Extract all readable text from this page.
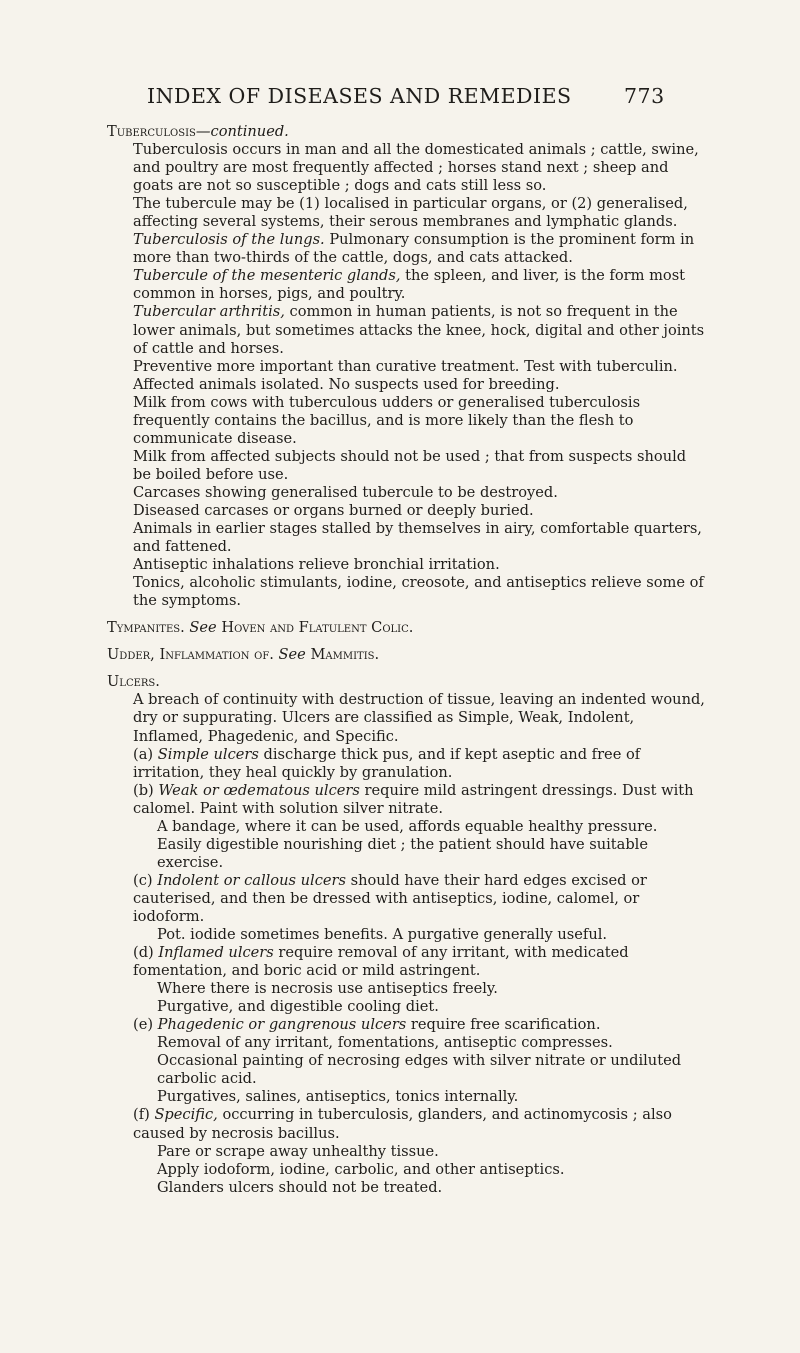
INDEX OF DISEASES AND REMEDIES	773

Tuberculosis—continued.

Tuberculosis occurs in man and all the domesticated animals ; cattle, swine, and poultry are most frequently affected ; horses stand next ; sheep and goats are not so susceptible ; dogs and cats still less so.

The tubercule may be (1) localised in particular organs, or (2) generalised, affecting several systems, their serous membranes and lymphatic glands.

Tuberculosis of the lungs. Pulmonary consumption is the prominent form in more than two-thirds of the cattle, dogs, and cats attacked.

Tubercule of the mesenteric glands, the spleen, and liver, is the form most common in horses, pigs, and poultry.

Tubercular arthritis, common in human patients, is not so frequent in the lower animals, but sometimes attacks the knee, hock, digital and other joints of cattle and horses.

Preventive more important than curative treatment. Test with tuberculin.

Affected animals isolated. No suspects used for breeding.

Milk from cows with tuberculous udders or generalised tuberculosis frequently contains the bacillus, and is more likely than the flesh to communicate disease.

Milk from affected subjects should not be used ; that from suspects should be boiled before use.

Carcases showing generalised tubercule to be destroyed.

Diseased carcases or organs burned or deeply buried.

Animals in earlier stages stalled by themselves in airy, comfortable quarters, and fattened.

Antiseptic inhalations relieve bronchial irritation.

Tonics, alcoholic stimulants, iodine, creosote, and antiseptics relieve some of the symptoms.

Tympanites. See Hoven and Flatulent Colic.

Udder, Inflammation of. See Mammitis.

Ulcers.

A breach of continuity with destruction of tissue, leaving an indented wound, dry or suppurating. Ulcers are classified as Simple, Weak, Indolent, Inflamed, Phagedenic, and Specific.

(a) Simple ulcers discharge thick pus, and if kept aseptic and free of irritation, they heal quickly by granulation.

(b) Weak or œdematous ulcers require mild astringent dressings. Dust with calomel. Paint with solution silver nitrate.

A bandage, where it can be used, affords equable healthy pressure.

Easily digestible nourishing diet ; the patient should have suitable exercise.

(c) Indolent or callous ulcers should have their hard edges excised or cauterised, and then be dressed with antiseptics, iodine, calomel, or iodoform.

Pot. iodide sometimes benefits. A purgative generally useful.

(d) Inflamed ulcers require removal of any irritant, with medicated fomentation, and boric acid or mild astringent.

Where there is necrosis use antiseptics freely.

Purgative, and digestible cooling diet.

(e) Phagedenic or gangrenous ulcers require free scarification.

Removal of any irritant, fomentations, antiseptic compresses.

Occasional painting of necrosing edges with silver nitrate or undiluted carbolic acid.

Purgatives, salines, antiseptics, tonics internally.

(f) Specific, occurring in tuberculosis, glanders, and actinomycosis ; also caused by necrosis bacillus.

Pare or scrape away unhealthy tissue.

Apply iodoform, iodine, carbolic, and other antiseptics.

Glanders ulcers should not be treated.
